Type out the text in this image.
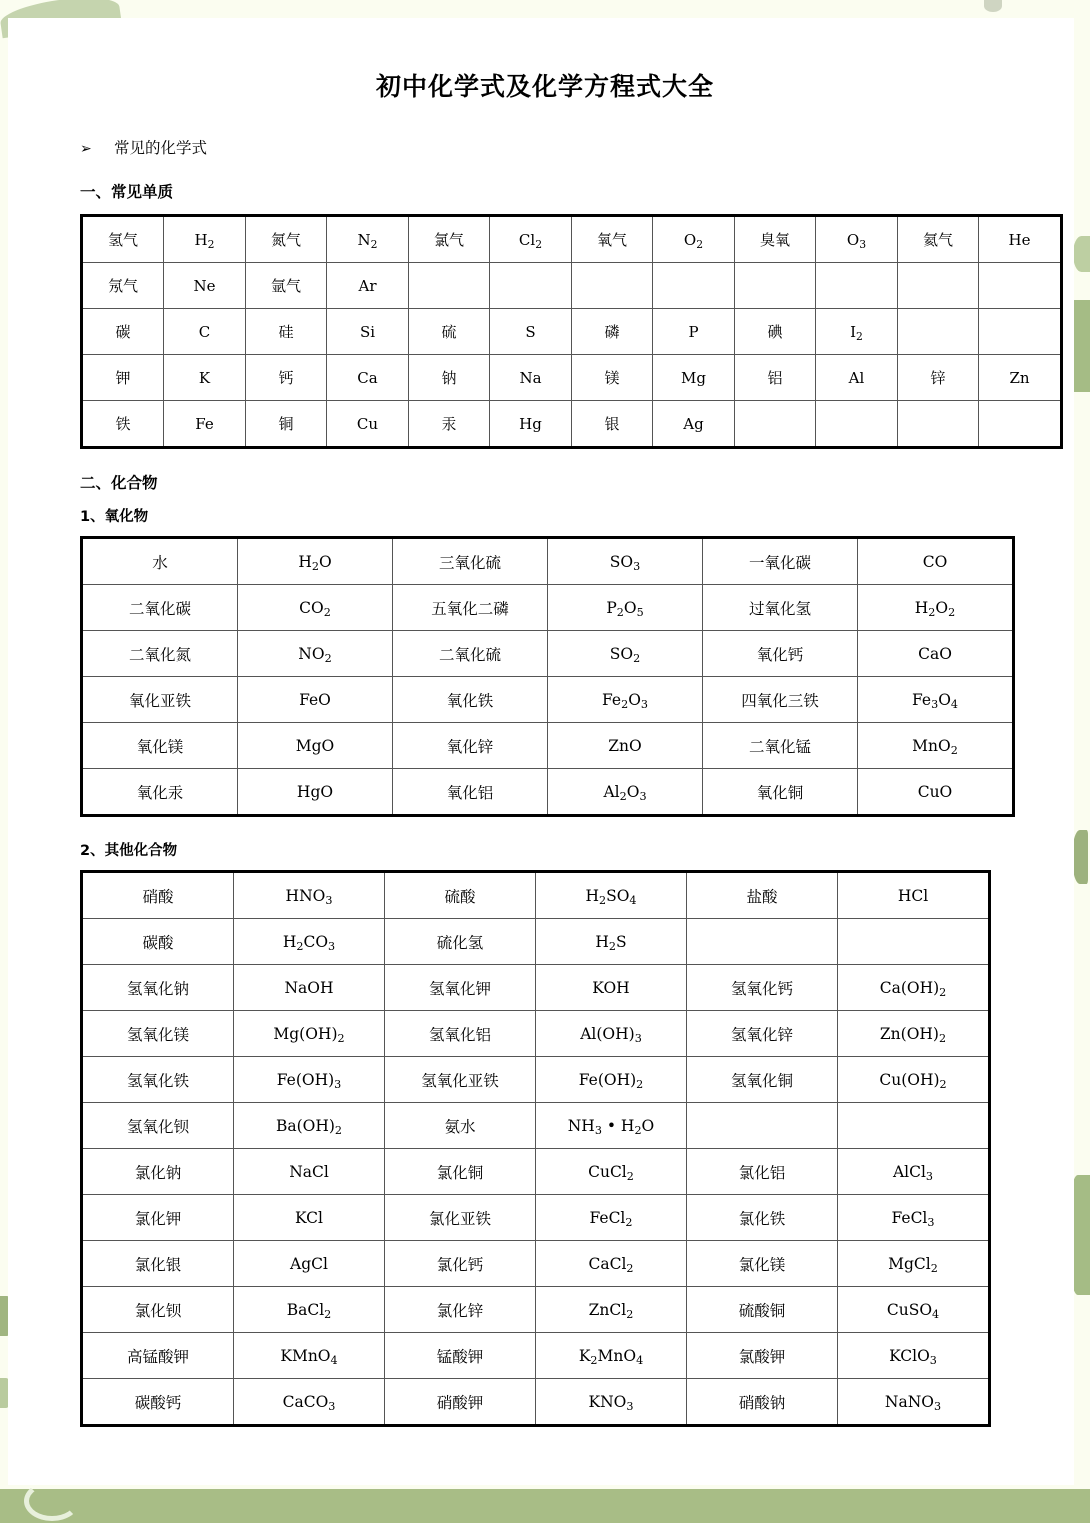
初中化学式及化学方程式大全
➢	常见的化学式
一、常见单质
氢气	$H_2$	氮气	$N_2$	氯气	$Cl_2$	氧气	$O_2$	臭氧	$O_3$	氦气	He
氖气	Ne	氩气	Ar								
碳	C	硅	Si	硫	S	磷	P	碘	$I_2$		
钾	K	钙	Ca	钠	Na	镁	Mg	铝	Al	锌	Zn
铁	Fe	铜	Cu	汞	Hg	银	Ag				
二、化合物
1、氧化物
水	$H_2O$	三氧化硫	$SO_3$	一氧化碳	CO
二氧化碳	$CO_2$	五氧化二磷	$P_2O_5$	过氧化氢	$H_2O_2$
二氧化氮	$NO_2$	二氧化硫	$SO_2$	氧化钙	CaO
氧化亚铁	FeO	氧化铁	$Fe_2O_3$	四氧化三铁	$Fe_3O_4$
氧化镁	MgO	氧化锌	ZnO	二氧化锰	MnO$_2$
氧化汞	HgO	氧化铝	$Al_2O_3$	氧化铜	CuO
2、其他化合物
硝酸	$HNO_3$	硫酸	$H_2SO_4$	盐酸	HCl
碳酸	$H_2CO_3$	硫化氢	$H_2S$		
氢氧化钠	NaOH	氢氧化钾	KOH	氢氧化钙	$Ca(OH)_2$
氢氧化镁	$Mg(OH)_2$	氢氧化铝	$Al(OH)_3$	氢氧化锌	$Zn(OH)_2$
氢氧化铁	$Fe(OH)_3$	氢氧化亚铁	$Fe(OH)_2$	氢氧化铜	$Cu(OH)_2$
氢氧化钡	$Ba(OH)_2$	氨水	$NH_3$ • $H_2O$		
氯化钠	NaCl	氯化铜	CuCl$_2$	氯化铝	AlCl$_3$
氯化钾	KCl	氯化亚铁	FeCl$_2$	氯化铁	FeCl$_3$
氯化银	AgCl	氯化钙	CaCl$_2$	氯化镁	MgCl$_2$
氯化钡	BaCl$_2$	氯化锌	ZnCl$_2$	硫酸铜	CuSO$_4$
高锰酸钾	KMnO$_4$	锰酸钾	$K_2MnO_4$	氯酸钾	KClO$_3$
碳酸钙	CaCO$_3$	硝酸钾	$KNO_3$	硝酸钠	NaNO$_3$
